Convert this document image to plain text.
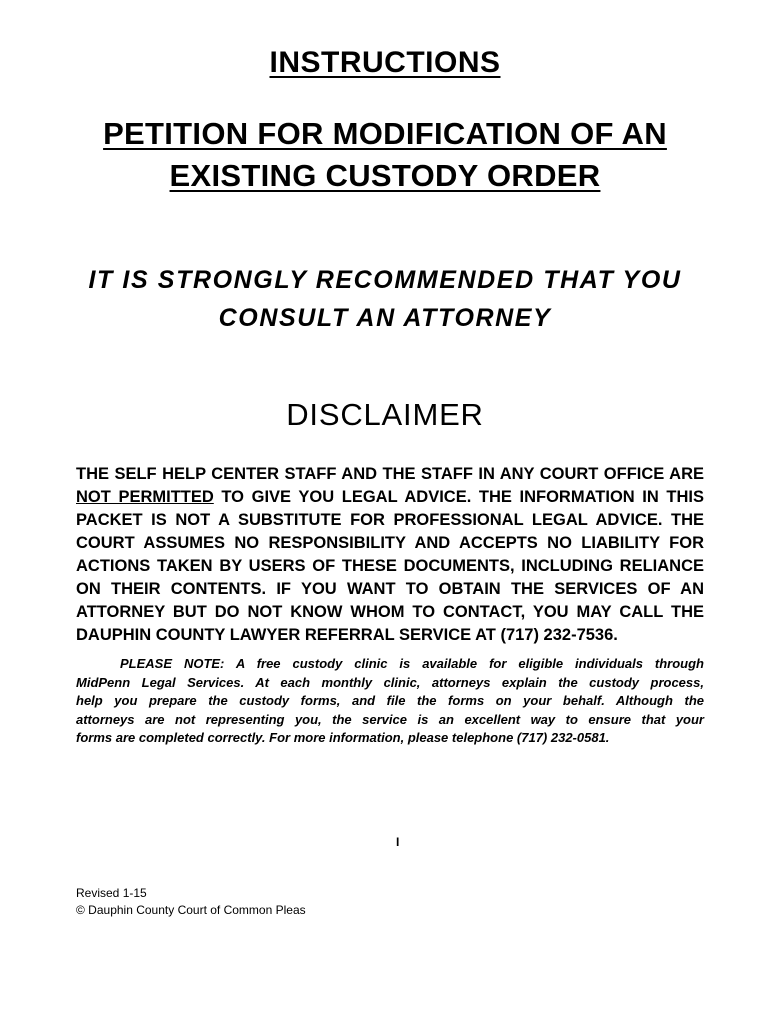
INSTRUCTIONS
PETITION FOR MODIFICATION OF AN
EXISTING CUSTODY ORDER
IT IS STRONGLY RECOMMENDED THAT YOU
CONSULT AN ATTORNEY
DISCLAIMER
THE SELF HELP CENTER STAFF AND THE STAFF IN ANY COURT OFFICE ARE
NOT PERMITTED TO GIVE YOU LEGAL ADVICE. THE INFORMATION IN THIS
PACKET IS NOT A SUBSTITUTE FOR PROFESSIONAL LEGAL ADVICE. THE
COURT ASSUMES NO RESPONSIBILITY AND ACCEPTS NO LIABILITY FOR
ACTIONS TAKEN BY USERS OF THESE DOCUMENTS, INCLUDING RELIANCE
ON THEIR CONTENTS. IF YOU WANT TO OBTAIN THE SERVICES OF AN
ATTORNEY BUT DO NOT KNOW WHOM TO CONTACT, YOU MAY CALL THE
DAUPHIN COUNTY LAWYER REFERRAL SERVICE AT (717) 232-7536.
PLEASE NOTE: A free custody clinic is available for eligible individuals through
MidPenn Legal Services. At each monthly clinic, attorneys explain the custody process,
help you prepare the custody forms, and file the forms on your behalf. Although the
attorneys are not representing you, the service is an excellent way to ensure that your
forms are completed correctly. For more information, please telephone (717) 232-0581.
I
Revised 1-15
© Dauphin County Court of Common Pleas
